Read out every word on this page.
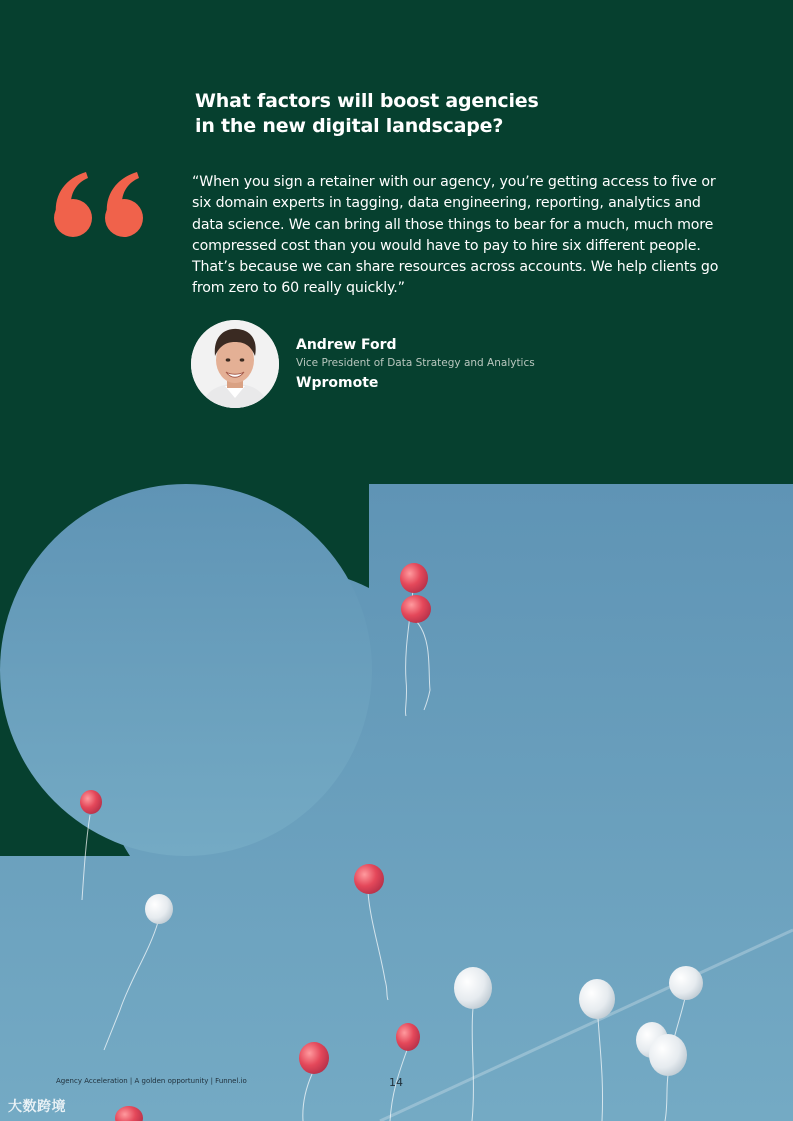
What factors will boost agencies
in the new digital landscape?
“When you sign a retainer with our agency, you’re getting access to five or six domain experts in tagging, data engineering, reporting, analytics and data science. We can bring all those things to bear for a much, much more compressed cost than you would have to pay to hire six different people. That’s because we can share resources across accounts. We help clients go from zero to 60 really quickly.”
Andrew Ford
Vice President of Data Strategy and Analytics
Wpromote
Agency Acceleration | A golden opportunity | Funnel.io	14
大数跨境
